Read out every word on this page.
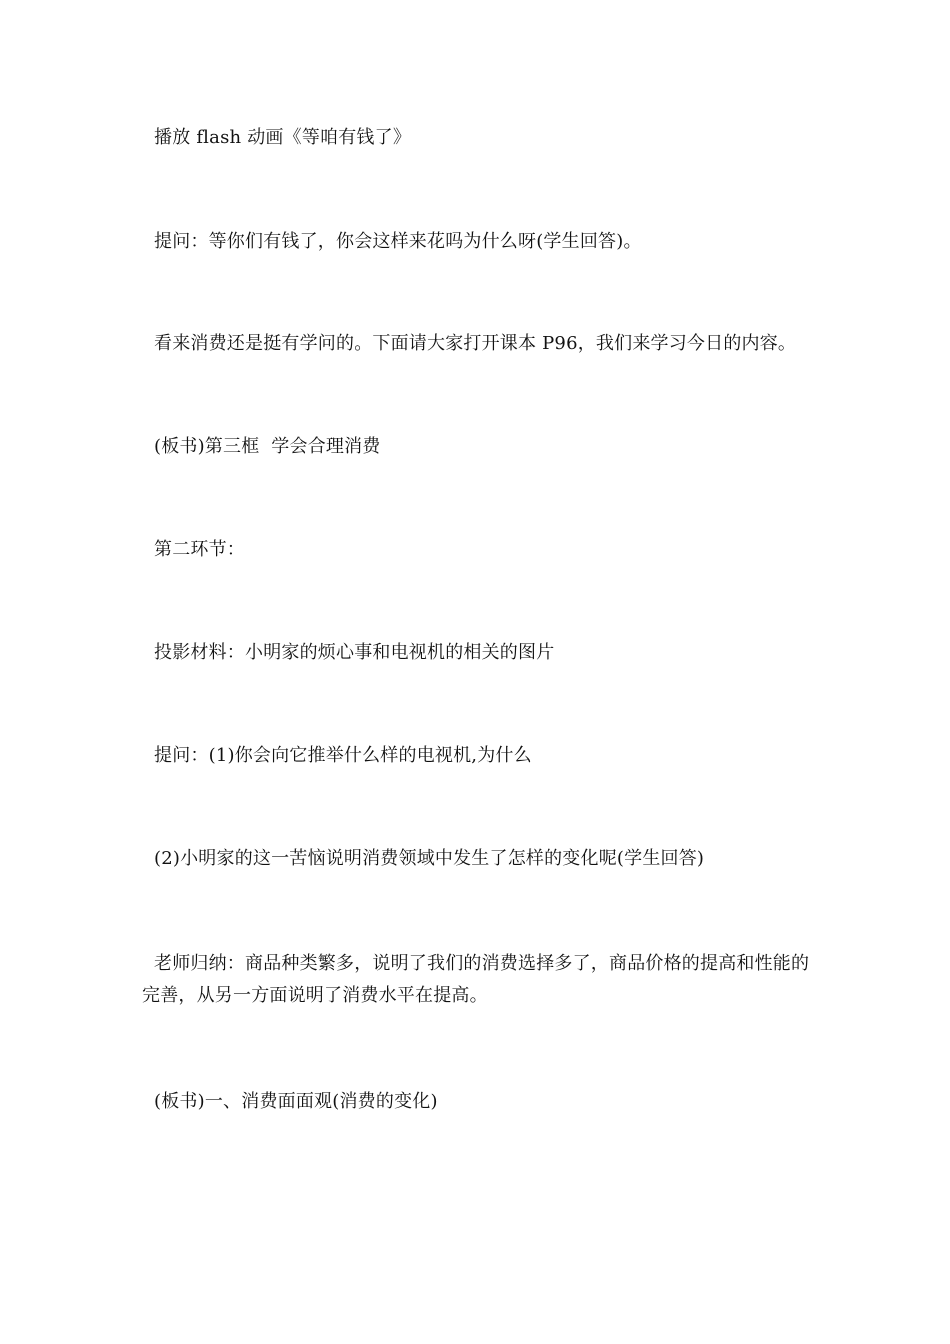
播放 flash 动画《等咱有钱了》

提问：等你们有钱了，你会这样来花吗为什么呀(学生回答)。

看来消费还是挺有学问的。下面请大家打开课本 P96，我们来学习今日的内容。

(板书)第三框  学会合理消费

第二环节：

投影材料：小明家的烦心事和电视机的相关的图片

提问：(1)你会向它推举什么样的电视机,为什么

(2)小明家的这一苦恼说明消费领域中发生了怎样的变化呢(学生回答)

老师归纳：商品种类繁多，说明了我们的消费选择多了，商品价格的提高和性能的完善，从另一方面说明了消费水平在提高。

(板书)一、消费面面观(消费的变化)
